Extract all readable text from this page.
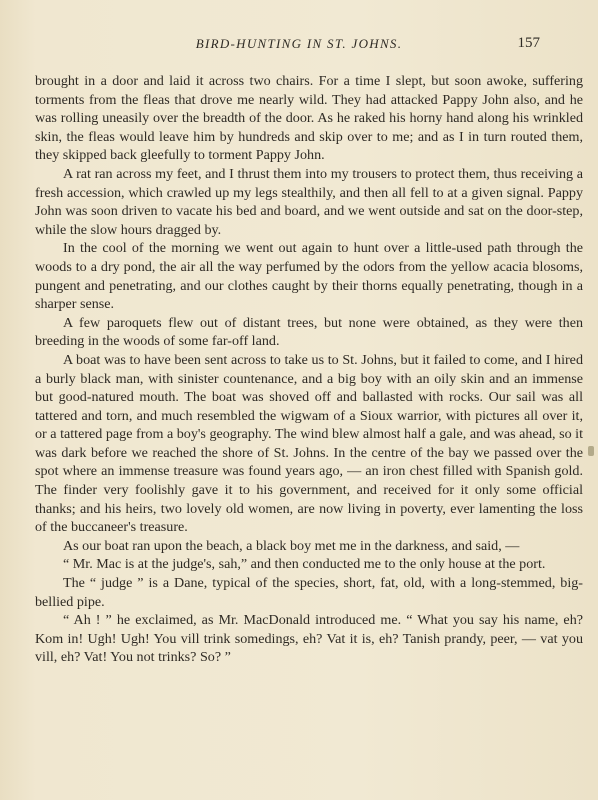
BIRD-HUNTING IN ST. JOHNS.	157

brought in a door and laid it across two chairs. For a time I slept, but soon awoke, suffering torments from the fleas that drove me nearly wild. They had attacked Pappy John also, and he was rolling uneasily over the breadth of the door. As he raked his horny hand along his wrinkled skin, the fleas would leave him by hundreds and skip over to me; and as I in turn routed them, they skipped back gleefully to torment Pappy John.

A rat ran across my feet, and I thrust them into my trousers to protect them, thus receiving a fresh accession, which crawled up my legs stealthily, and then all fell to at a given signal. Pappy John was soon driven to vacate his bed and board, and we went outside and sat on the door-step, while the slow hours dragged by.

In the cool of the morning we went out again to hunt over a little-used path through the woods to a dry pond, the air all the way perfumed by the odors from the yellow acacia blosoms, pungent and penetrating, and our clothes caught by their thorns equally penetrating, though in a sharper sense.

A few paroquets flew out of distant trees, but none were obtained, as they were then breeding in the woods of some far-off land.

A boat was to have been sent across to take us to St. Johns, but it failed to come, and I hired a burly black man, with sinister countenance, and a big boy with an oily skin and an immense but good-natured mouth. The boat was shoved off and ballasted with rocks. Our sail was all tattered and torn, and much resembled the wigwam of a Sioux warrior, with pictures all over it, or a tattered page from a boy's geography. The wind blew almost half a gale, and was ahead, so it was dark before we reached the shore of St. Johns. In the centre of the bay we passed over the spot where an immense treasure was found years ago, — an iron chest filled with Spanish gold. The finder very foolishly gave it to his government, and received for it only some official thanks; and his heirs, two lovely old women, are now living in poverty, ever lamenting the loss of the buccaneer's treasure.

As our boat ran upon the beach, a black boy met me in the darkness, and said, —

“ Mr. Mac is at the judge's, sah,” and then conducted me to the only house at the port.

The “ judge ” is a Dane, typical of the species, short, fat, old, with a long-stemmed, big-bellied pipe.

“ Ah ! ” he exclaimed, as Mr. MacDonald introduced me. “ What you say his name, eh? Kom in! Ugh! Ugh! You vill trink somedings, eh? Vat it is, eh? Tanish prandy, peer, — vat you vill, eh? Vat! You not trinks? So? ”
